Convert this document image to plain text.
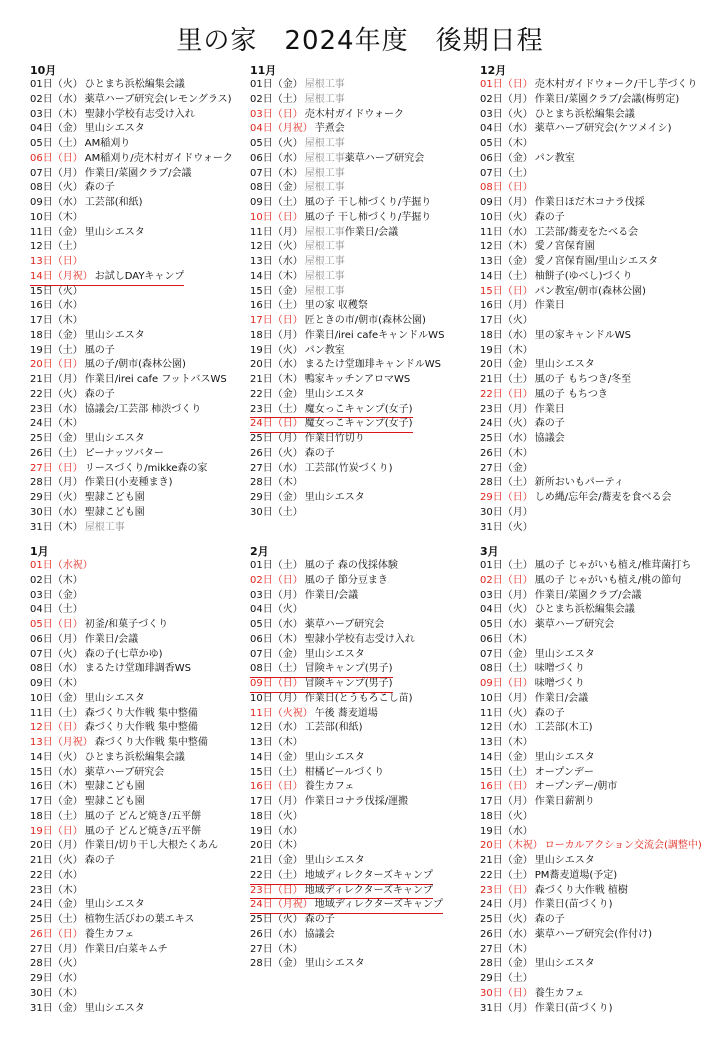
里の家　2024年度　後期日程
10月
01日（火） ひとまち浜松編集会議
02日（水） 薬草ハーブ研究会(レモングラス)
03日（木） 聖隷小学校有志受け入れ
04日（金） 里山シエスタ
05日（土） AM稲刈り
06日（日） AM稲刈り/売木村ガイドウォーク
07日（月） 作業日/菜園クラブ/会議
08日（火） 森の子
09日（水） 工芸部(和紙)
10日（木）
11日（金） 里山シエスタ
12日（土）
13日（日）
14日（月祝） お試しDAYキャンプ
15日（火）
16日（水）
17日（木）
18日（金） 里山シエスタ
19日（土） 風の子
20日（日） 風の子/朝市(森林公園)
21日（月） 作業日/irei cafe フットバスWS
22日（火） 森の子
23日（水） 協議会/工芸部 柿渋づくり
24日（木）
25日（金） 里山シエスタ
26日（土） ピーナッツバター
27日（日） リースづくり/mikke森の家
28日（月） 作業日(小麦種まき)
29日（火） 聖隷こども園
30日（水） 聖隷こども園
31日（木） 屋根工事
11月
01日（金） 屋根工事
02日（土） 屋根工事
03日（日） 売木村ガイドウォーク
04日（月祝） 芋煮会
05日（火） 屋根工事
06日（水） 屋根工事薬草ハーブ研究会
07日（木） 屋根工事
08日（金） 屋根工事
09日（土） 風の子 干し柿づくり/芋掘り
10日（日） 風の子 干し柿づくり/芋掘り
11日（月） 屋根工事作業日/会議
12日（火） 屋根工事
13日（水） 屋根工事
14日（木） 屋根工事
15日（金） 屋根工事
16日（土） 里の家 収穫祭
17日（日） 匠ときの市/朝市(森林公園)
18日（月） 作業日/irei cafeキャンドルWS
19日（火） パン教室
20日（水） まるたけ堂珈琲キャンドルWS
21日（木） 鴨家キッチンアロマWS
22日（金） 里山シエスタ
23日（土） 魔女っこキャンプ(女子)
24日（日） 魔女っこキャンプ(女子)
25日（月） 作業日竹切り
26日（火） 森の子
27日（水） 工芸部(竹炭づくり)
28日（木）
29日（金） 里山シエスタ
30日（土）
12月
01日（日） 売木村ガイドウォーク/干し芋づくり
02日（月） 作業日/菜園クラブ/会議(梅剪定)
03日（火） ひとまち浜松編集会議
04日（水） 薬草ハーブ研究会(ケツメイシ)
05日（木）
06日（金） パン教室
07日（土）
08日（日）
09日（月） 作業日ほだ木コナラ伐採
10日（火） 森の子
11日（水） 工芸部/蕎麦をたべる会
12日（木） 愛ノ宮保育園
13日（金） 愛ノ宮保育園/里山シエスタ
14日（土） 柚餅子(ゆべし)づくり
15日（日） パン教室/朝市(森林公園)
16日（月） 作業日
17日（火）
18日（水） 里の家キャンドルWS
19日（木）
20日（金） 里山シエスタ
21日（土） 風の子 もちつき/冬至
22日（日） 風の子 もちつき
23日（月） 作業日
24日（火） 森の子
25日（水） 協議会
26日（木）
27日（金）
28日（土） 新所おいもパーティ
29日（日） しめ縄/忘年会/蕎麦を食べる会
30日（月）
31日（火）
1月
01日（水祝）
02日（木）
03日（金）
04日（土）
05日（日） 初釜/和菓子づくり
06日（月） 作業日/会議
07日（火） 森の子(七草かゆ)
08日（水） まるたけ堂珈琲調香WS
09日（木）
10日（金） 里山シエスタ
11日（土） 森づくり大作戦 集中整備
12日（日） 森づくり大作戦 集中整備
13日（月祝） 森づくり大作戦 集中整備
14日（火） ひとまち浜松編集会議
15日（水） 薬草ハーブ研究会
16日（木） 聖隷こども園
17日（金） 聖隷こども園
18日（土） 風の子 どんど焼き/五平餅
19日（日） 風の子 どんど焼き/五平餅
20日（月） 作業日/切り干し大根たくあん
21日（火） 森の子
22日（水）
23日（木）
24日（金） 里山シエスタ
25日（土） 植物生活びわの葉エキス
26日（日） 養生カフェ
27日（月） 作業日/白菜キムチ
28日（火）
29日（水）
30日（木）
31日（金） 里山シエスタ
2月
01日（土） 風の子 森の伐採体験
02日（日） 風の子 節分豆まき
03日（月） 作業日/会議
04日（火）
05日（水） 薬草ハーブ研究会
06日（木） 聖隷小学校有志受け入れ
07日（金） 里山シエスタ
08日（土） 冒険キャンプ(男子)
09日（日） 冒険キャンプ(男子)
10日（月） 作業日(とうもろこし苗)
11日（火祝） 午後 蕎麦道場
12日（水） 工芸部(和紙)
13日（木）
14日（金） 里山シエスタ
15日（土） 柑橘ピールづくり
16日（日） 養生カフェ
17日（月） 作業日コナラ伐採/運搬
18日（火）
19日（水）
20日（木）
21日（金） 里山シエスタ
22日（土） 地域ディレクターズキャンプ
23日（日） 地域ディレクターズキャンプ
24日（月祝） 地域ディレクターズキャンプ
25日（火） 森の子
26日（水） 協議会
27日（木）
28日（金） 里山シエスタ
3月
01日（土） 風の子 じゃがいも植え/椎茸菌打ち
02日（日） 風の子 じゃがいも植え/桃の節句
03日（月） 作業日/菜園クラブ/会議
04日（火） ひとまち浜松編集会議
05日（水） 薬草ハーブ研究会
06日（木）
07日（金） 里山シエスタ
08日（土） 味噌づくり
09日（日） 味噌づくり
10日（月） 作業日/会議
11日（火） 森の子
12日（水） 工芸部(木工)
13日（木）
14日（金） 里山シエスタ
15日（土） オープンデー
16日（日） オープンデー/朝市
17日（月） 作業日薪割り
18日（火）
19日（水）
20日（木祝） ローカルアクション交流会(調整中)
21日（金） 里山シエスタ
22日（土） PM蕎麦道場(予定)
23日（日） 森づくり大作戦 植樹
24日（月） 作業日(苗づくり)
25日（火） 森の子
26日（水） 薬草ハーブ研究会(作付け)
27日（木）
28日（金） 里山シエスタ
29日（土）
30日（日） 養生カフェ
31日（月） 作業日(苗づくり)
